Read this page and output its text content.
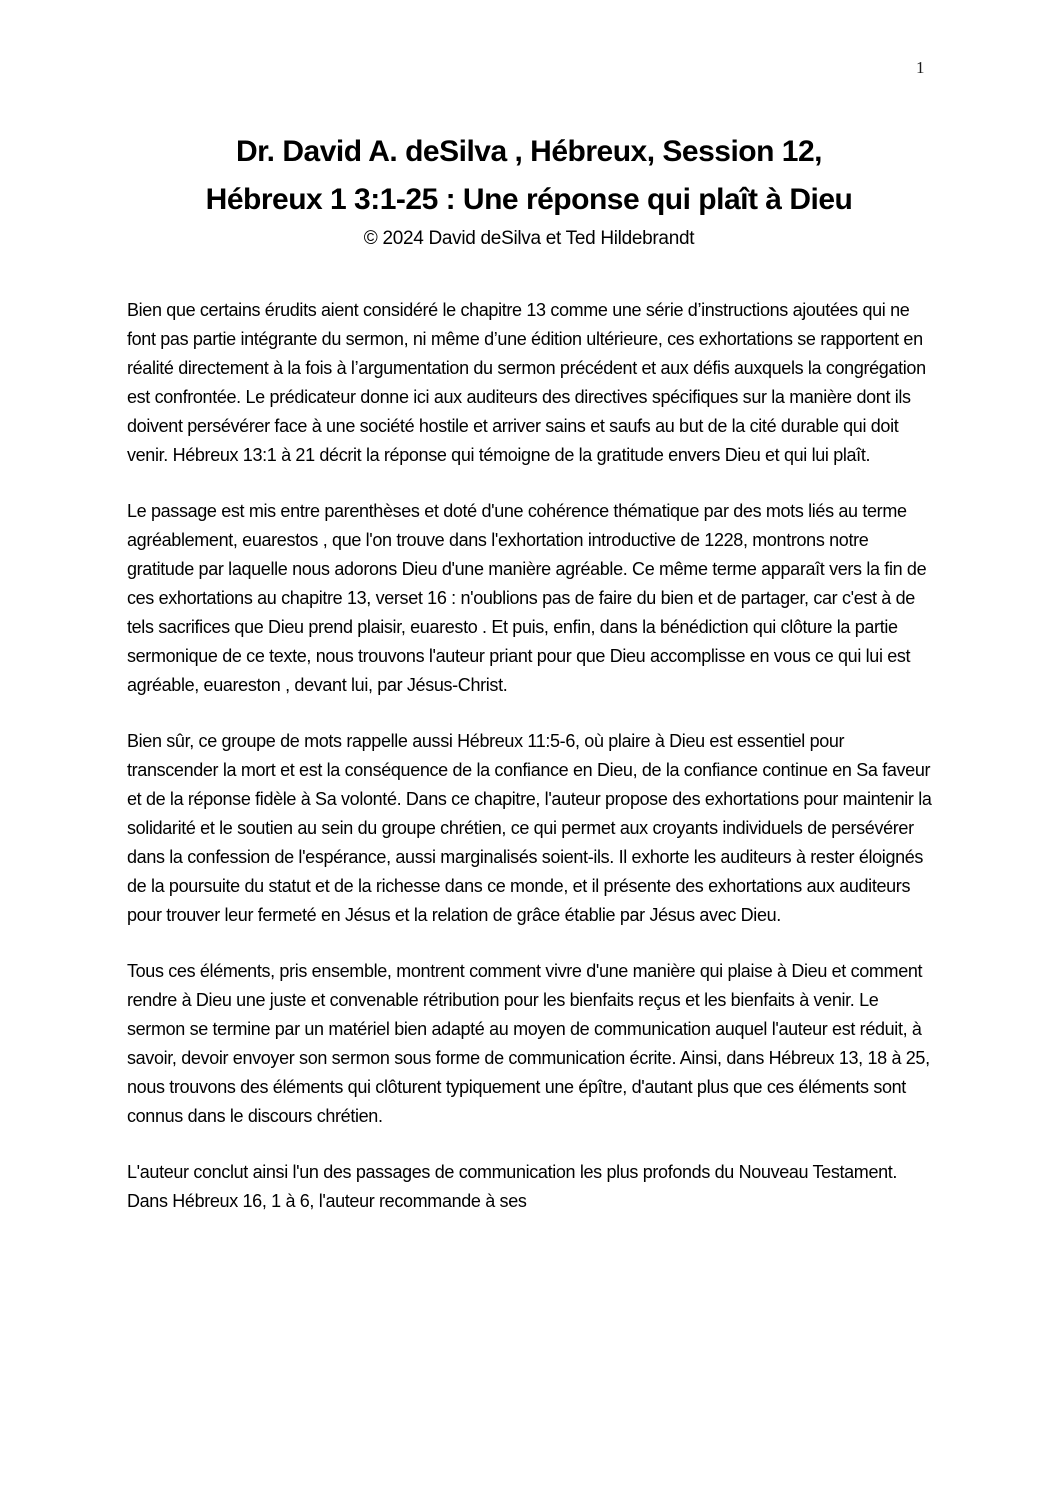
1
Dr. David A. deSilva , Hébreux, Session 12,
Hébreux 1 3:1-25 : Une réponse qui plaît à Dieu
© 2024 David deSilva et Ted Hildebrandt

Bien que certains érudits aient considéré le chapitre 13 comme une série d’instructions ajoutées qui ne font pas partie intégrante du sermon, ni même d’une édition ultérieure, ces exhortations se rapportent en réalité directement à la fois à l’argumentation du sermon précédent et aux défis auxquels la congrégation est confrontée. Le prédicateur donne ici aux auditeurs des directives spécifiques sur la manière dont ils doivent persévérer face à une société hostile et arriver sains et saufs au but de la cité durable qui doit venir. Hébreux 13:1 à 21 décrit la réponse qui témoigne de la gratitude envers Dieu et qui lui plaît.

Le passage est mis entre parenthèses et doté d'une cohérence thématique par des mots liés au terme agréablement, euarestos , que l'on trouve dans l'exhortation introductive de 1228, montrons notre gratitude par laquelle nous adorons Dieu d'une manière agréable. Ce même terme apparaît vers la fin de ces exhortations au chapitre 13, verset 16 : n'oublions pas de faire du bien et de partager, car c'est à de tels sacrifices que Dieu prend plaisir, euaresto . Et puis, enfin, dans la bénédiction qui clôture la partie sermonique de ce texte, nous trouvons l'auteur priant pour que Dieu accomplisse en vous ce qui lui est agréable, euareston , devant lui, par Jésus-Christ.

Bien sûr, ce groupe de mots rappelle aussi Hébreux 11:5-6, où plaire à Dieu est essentiel pour transcender la mort et est la conséquence de la confiance en Dieu, de la confiance continue en Sa faveur et de la réponse fidèle à Sa volonté. Dans ce chapitre, l'auteur propose des exhortations pour maintenir la solidarité et le soutien au sein du groupe chrétien, ce qui permet aux croyants individuels de persévérer dans la confession de l'espérance, aussi marginalisés soient-ils. Il exhorte les auditeurs à rester éloignés de la poursuite du statut et de la richesse dans ce monde, et il présente des exhortations aux auditeurs pour trouver leur fermeté en Jésus et la relation de grâce établie par Jésus avec Dieu.

Tous ces éléments, pris ensemble, montrent comment vivre d'une manière qui plaise à Dieu et comment rendre à Dieu une juste et convenable rétribution pour les bienfaits reçus et les bienfaits à venir. Le sermon se termine par un matériel bien adapté au moyen de communication auquel l'auteur est réduit, à savoir, devoir envoyer son sermon sous forme de communication écrite. Ainsi, dans Hébreux 13, 18 à 25, nous trouvons des éléments qui clôturent typiquement une épître, d'autant plus que ces éléments sont connus dans le discours chrétien.

L'auteur conclut ainsi l'un des passages de communication les plus profonds du Nouveau Testament. Dans Hébreux 16, 1 à 6, l'auteur recommande à ses
